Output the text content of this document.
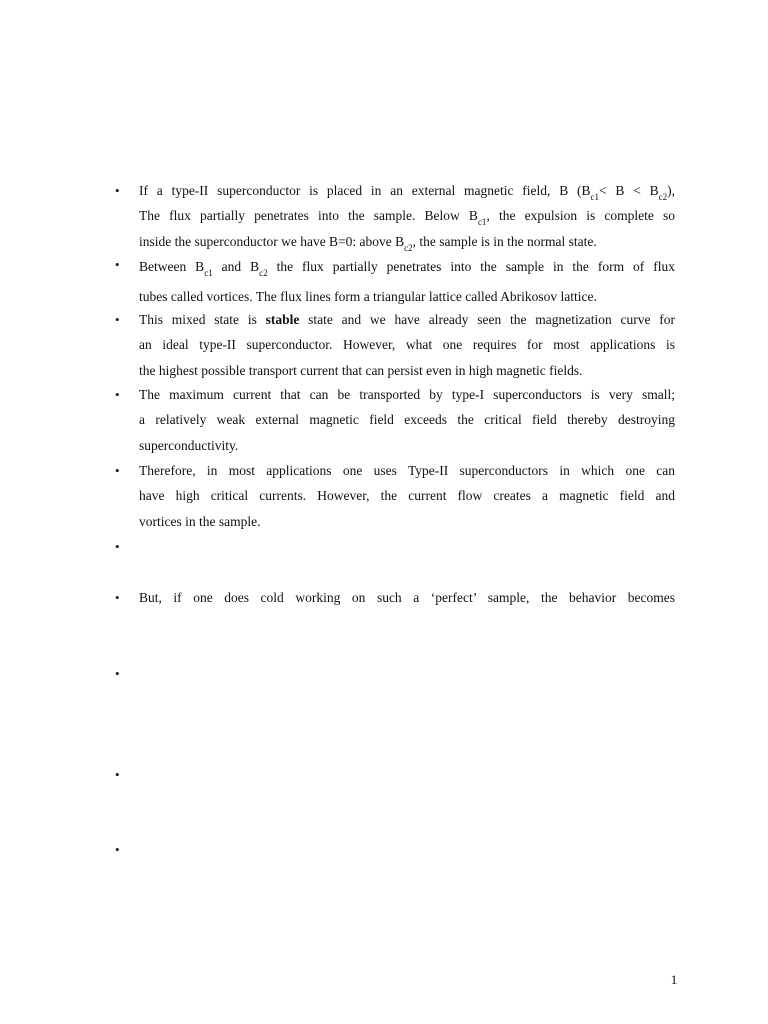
•	If a type-II superconductor is placed in an external magnetic field, B $(B_{c1}< B < B_{c2})$,
The flux partially penetrates into the sample. Below $B_{c1}$, the expulsion is complete so
inside the superconductor we have B=0: above $B_{c2}$, the sample is in the normal state.
•	Between $B_{c1}$ and $B_{c2}$ the flux partially penetrates into the sample in the form of flux
tubes called vortices. The flux lines form a triangular lattice called Abrikosov lattice.
•	This mixed state is stable state and we have already seen the magnetization curve for
an ideal type-II superconductor. However, what one requires for most applications is
the highest possible transport current that can persist even in high magnetic fields.
•	The maximum current that can be transported by type-I superconductors is very small;
a relatively weak external magnetic field exceeds the critical field thereby destroying
superconductivity.
•	Therefore, in most applications one uses Type-II superconductors in which one can
have high critical currents. However, the current flow creates a magnetic field and
vortices in the sample.
•
•	But, if one does cold working on such a ‘perfect’ sample, the behavior becomes
•
•
•
1
